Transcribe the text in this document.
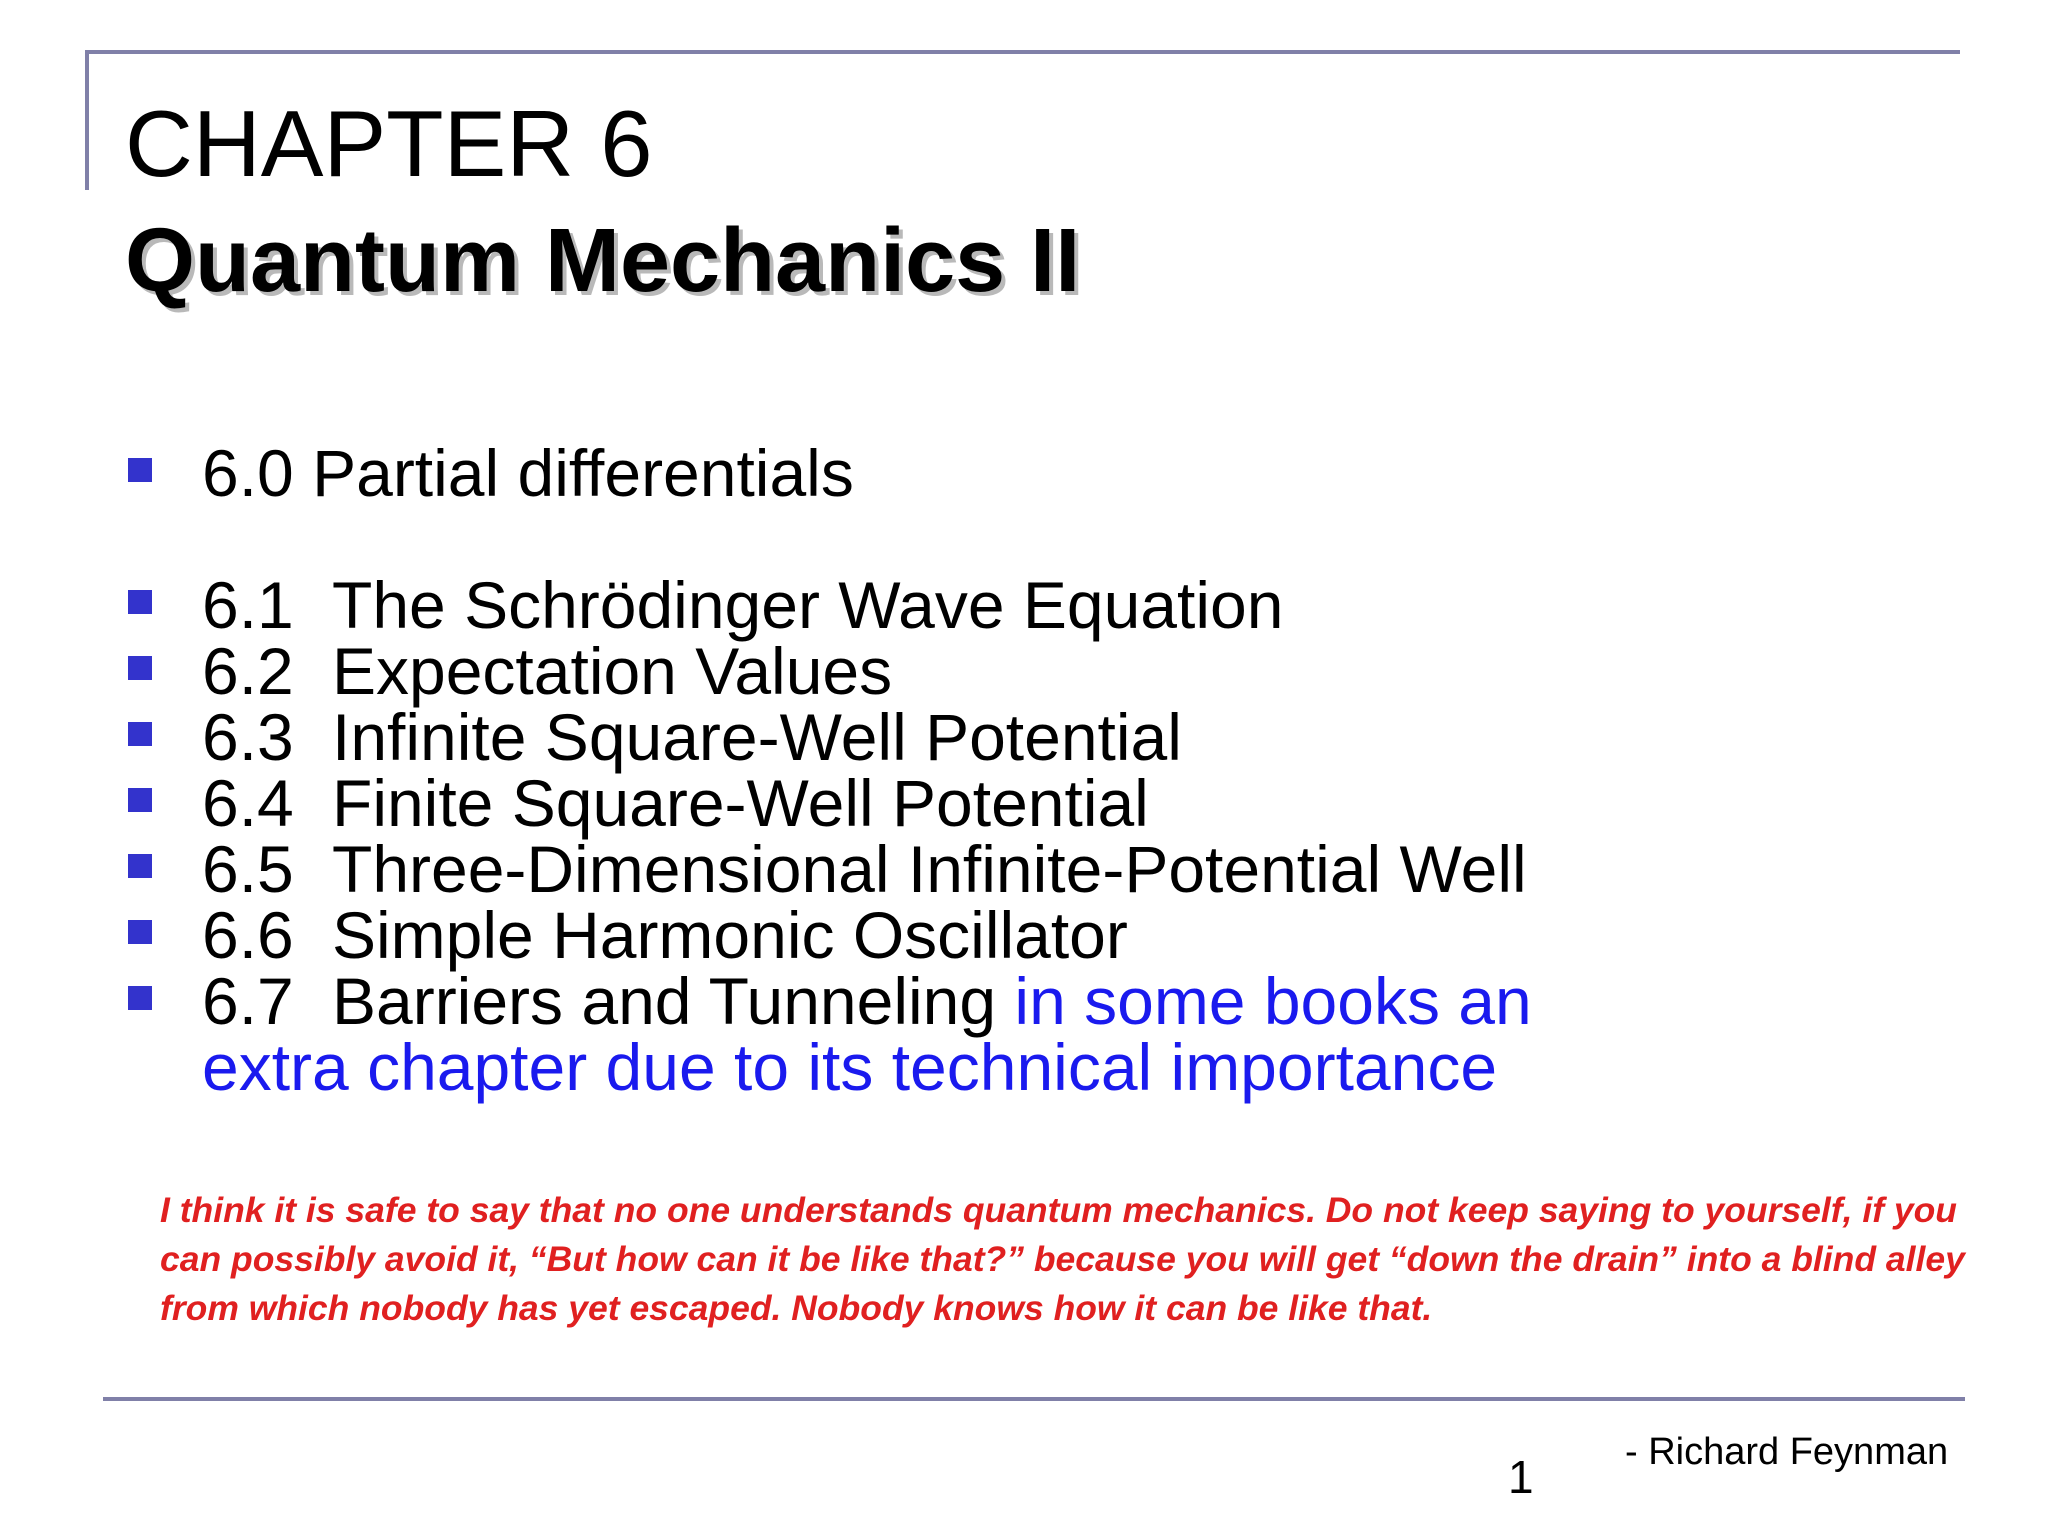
CHAPTER 6
Quantum Mechanics II
6.0 Partial differentials
6.1 The Schrödinger Wave Equation
6.2 Expectation Values
6.3 Infinite Square-Well Potential
6.4 Finite Square-Well Potential
6.5 Three-Dimensional Infinite-Potential Well
6.6 Simple Harmonic Oscillator
6.7 Barriers and Tunneling in some books an
extra chapter due to its technical importance
I think it is safe to say that no one understands quantum mechanics. Do not keep saying to yourself, if you can possibly avoid it, “But how can it be like that?” because you will get “down the drain” into a blind alley from which nobody has yet escaped. Nobody knows how it can be like that.
1 - Richard Feynman
